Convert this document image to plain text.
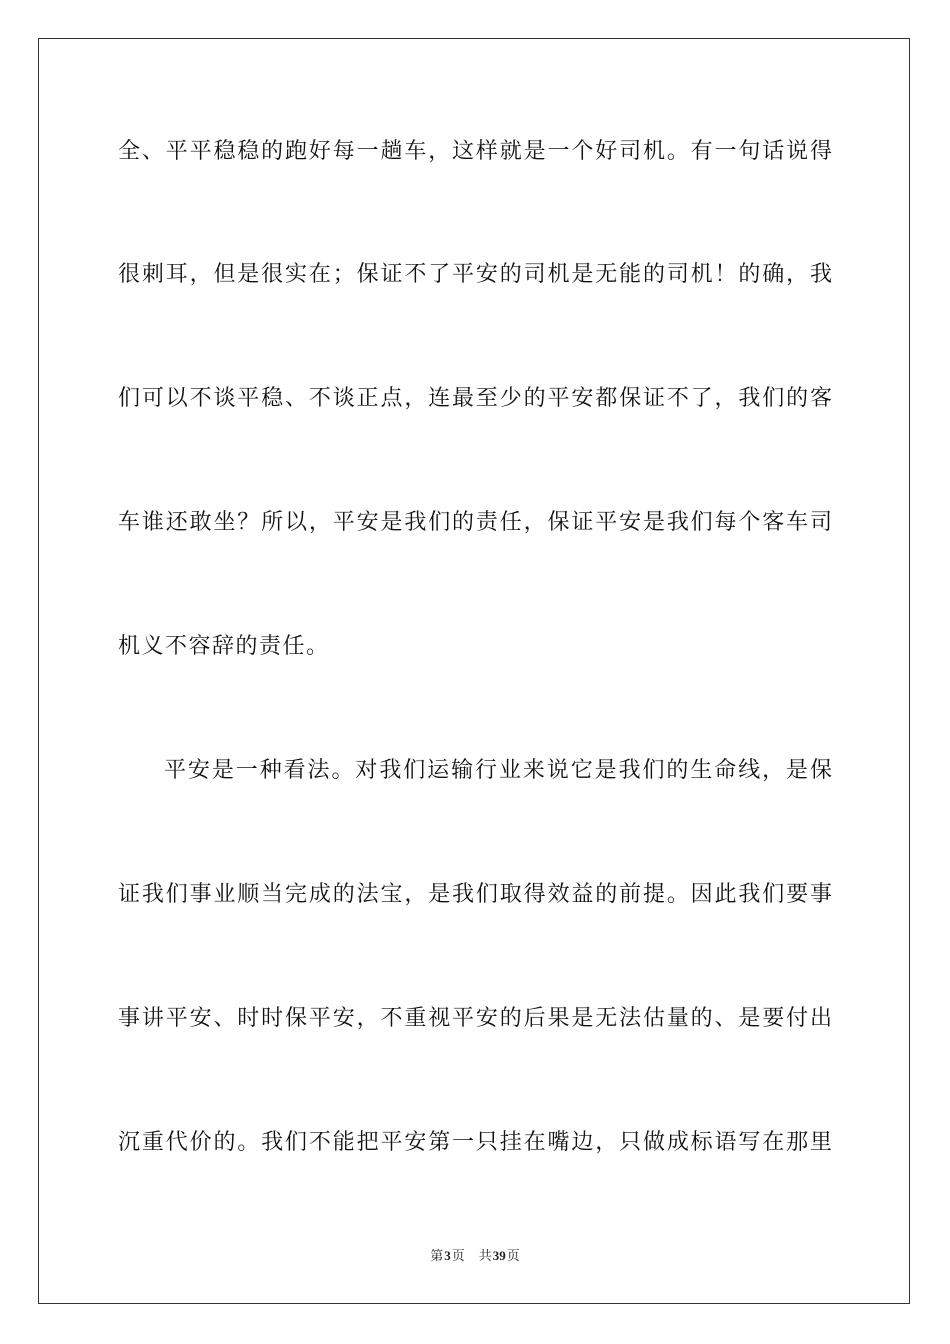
全、平平稳稳的跑好每一趟车，这样就是一个好司机。有一句话说得
很刺耳，但是很实在；保证不了平安的司机是无能的司机！的确，我
们可以不谈平稳、不谈正点，连最至少的平安都保证不了，我们的客
车谁还敢坐？所以，平安是我们的责任，保证平安是我们每个客车司
机义不容辞的责任。
平安是一种看法。对我们运输行业来说它是我们的生命线，是保
证我们事业顺当完成的法宝，是我们取得效益的前提。因此我们要事
事讲平安、时时保平安，不重视平安的后果是无法估量的、是要付出
沉重代价的。我们不能把平安第一只挂在嘴边，只做成标语写在那里
第3页 共39页
